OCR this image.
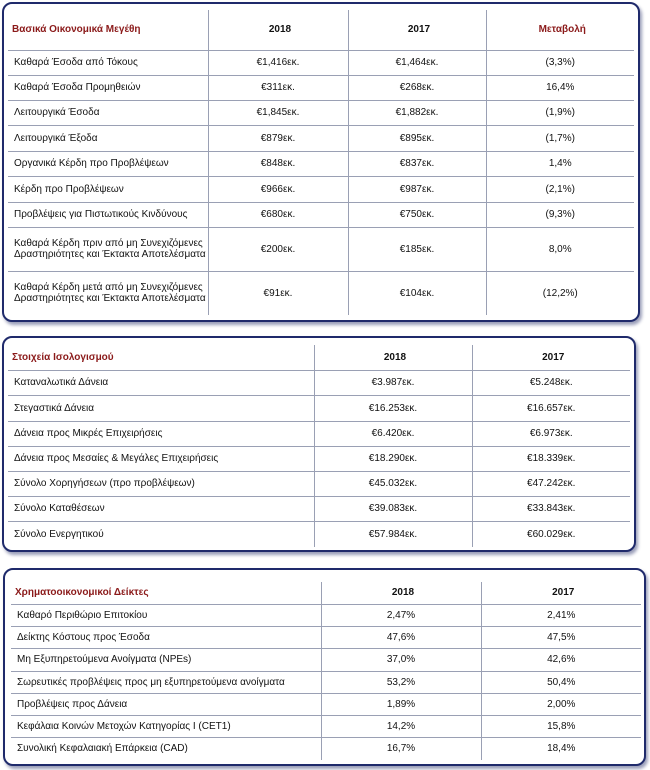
Βασικά Οικονομικά Μεγέθη	2018	2017	Μεταβολή
Καθαρά Έσοδα από Τόκους	€1,416εκ.	€1,464εκ.	(3,3%)
Καθαρά Έσοδα Προμηθειών	€311εκ.	€268εκ.	16,4%
Λειτουργικά Έσοδα	€1,845εκ.	€1,882εκ.	(1,9%)
Λειτουργικά Έξοδα	€879εκ.	€895εκ.	(1,7%)
Οργανικά Κέρδη προ Προβλέψεων	€848εκ.	€837εκ.	1,4%
Κέρδη προ Προβλέψεων	€966εκ.	€987εκ.	(2,1%)
Προβλέψεις για Πιστωτικούς Κινδύνους	€680εκ.	€750εκ.	(9,3%)
Καθαρά Κέρδη πριν από μη Συνεχιζόμενες Δραστηριότητες και Έκτακτα Αποτελέσματα	€200εκ.	€185εκ.	8,0%
Καθαρά Κέρδη μετά από μη Συνεχιζόμενες Δραστηριότητες και Έκτακτα Αποτελέσματα	€91εκ.	€104εκ.	(12,2%)
Στοιχεία Ισολογισμού	2018	2017
Καταναλωτικά Δάνεια	€3.987εκ.	€5.248εκ.
Στεγαστικά Δάνεια	€16.253εκ.	€16.657εκ.
Δάνεια προς Μικρές Επιχειρήσεις	€6.420εκ.	€6.973εκ.
Δάνεια προς Μεσαίες & Μεγάλες Επιχειρήσεις	€18.290εκ.	€18.339εκ.
Σύνολο Χορηγήσεων (προ προβλέψεων)	€45.032εκ.	€47.242εκ.
Σύνολο Καταθέσεων	€39.083εκ.	€33.843εκ.
Σύνολο Ενεργητικού	€57.984εκ.	€60.029εκ.
Χρηματοοικονομικοί Δείκτες	2018	2017
Καθαρό Περιθώριο Επιτοκίου	2,47%	2,41%
Δείκτης Κόστους προς Έσοδα	47,6%	47,5%
Μη Εξυπηρετούμενα Ανοίγματα (NPEs)	37,0%	42,6%
Σωρευτικές προβλέψεις προς μη εξυπηρετούμενα ανοίγματα	53,2%	50,4%
Προβλέψεις προς Δάνεια	1,89%	2,00%
Κεφάλαια Κοινών Μετοχών Κατηγορίας Ι (CET1)	14,2%	15,8%
Συνολική Κεφαλαιακή Επάρκεια (CAD)	16,7%	18,4%
